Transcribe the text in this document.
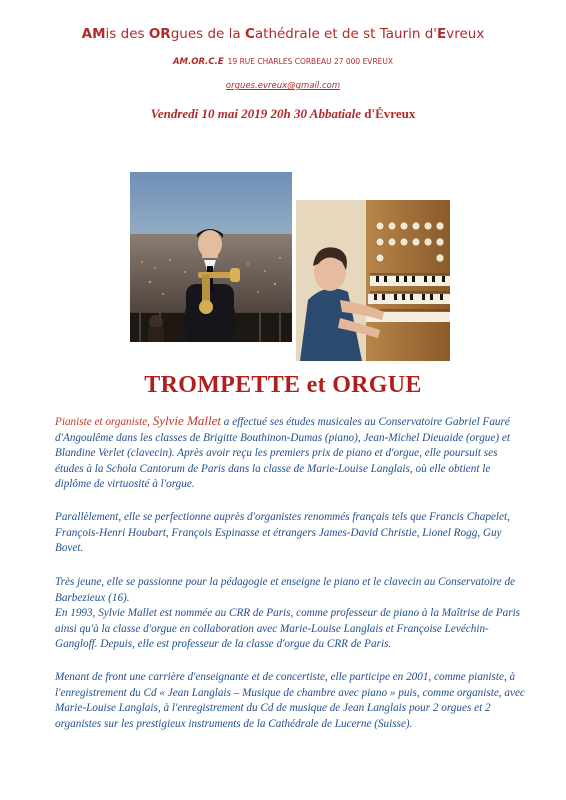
AMis des ORgues de la Cathédrale et de st Taurin d'Evreux
AM.OR.C.E 19 RUE CHARLES CORBEAU 27 000 EVREUX
orgues.evreux@gmail.com
Vendredi 10 mai 2019 20h 30 Abbatiale d'Évreux
TROMPETTE et ORGUE

Pianiste et organiste, Sylvie Mallet a effectué ses études musicales au Conservatoire Gabriel Fauré d'Angoulême dans les classes de Brigitte Bouthinon-Dumas (piano), Jean-Michel Dieuaide (orgue) et Blandine Verlet (clavecin). Après avoir reçu les premiers prix de piano et d'orgue, elle poursuit ses études à la Schola Cantorum de Paris dans la classe de Marie-Louise Langlais, où elle obtient le diplôme de virtuosité à l'orgue.

Parallèlement, elle se perfectionne auprès d'organistes renommés français tels que Francis Chapelet, François-Henri Houbart, François Espinasse et étrangers James-David Christie, Lionel Rogg, Guy Bovet.

Très jeune, elle se passionne pour la pédagogie et enseigne le piano et le clavecin au Conservatoire de Barbezieux (16).

En 1993, Sylvie Mallet est nommée au CRR de Paris, comme professeur de piano à la Maîtrise de Paris ainsi qu'à la classe d'orgue en collaboration avec Marie-Louise Langlais et Françoise Levéchin-Gangloff. Depuis, elle est professeur de la classe d'orgue du CRR de Paris.

Menant de front une carrière d'enseignante et de concertiste, elle participe en 2001, comme pianiste, à l'enregistrement du Cd « Jean Langlais – Musique de chambre avec piano » puis, comme organiste, avec Marie-Louise Langlais, à l'enregistrement du Cd de musique de Jean Langlais pour 2 orgues et 2 organistes sur les prestigieux instruments de la Cathédrale de Lucerne (Suisse).
